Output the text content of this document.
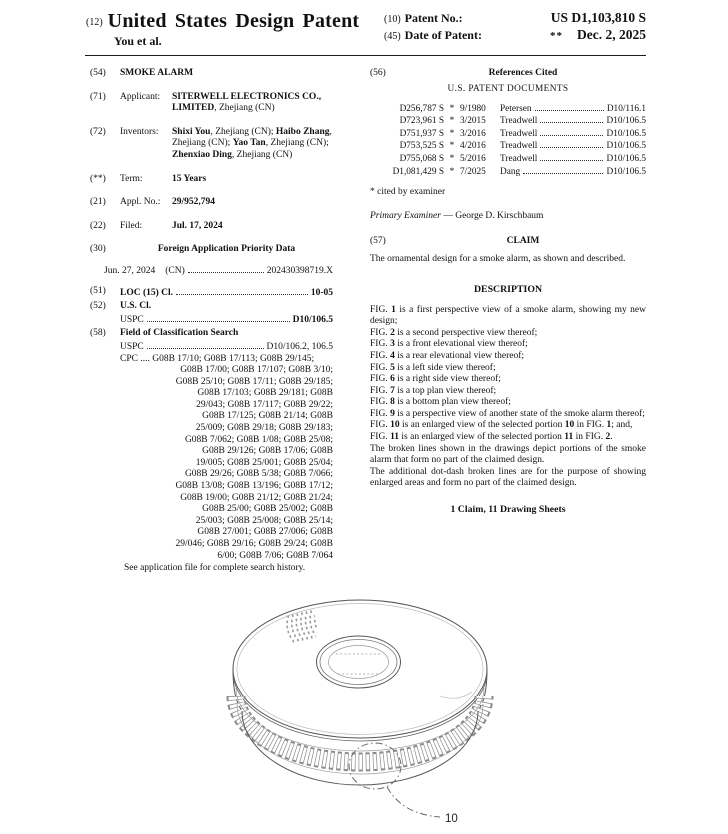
(12) United States Design Patent
You et al.
(10) Patent No.:	US D1,103,810 S
(45) Date of Patent:	** Dec. 2, 2025
(54)	SMOKE ALARM
(71)	Applicant:	SITERWELL ELECTRONICS CO., LIMITED, Zhejiang (CN)
(72)	Inventors:	Shixi You, Zhejiang (CN); Haibo Zhang, Zhejiang (CN); Yao Tan, Zhejiang (CN); Zhenxiao Ding, Zhejiang (CN)
(**)	Term:	15 Years
(21)	Appl. No.:	29/952,794
(22)	Filed:	Jul. 17, 2024
(30)	Foreign Application Priority Data
Jun. 27, 2024 (CN)	202430398719.X
(51)	LOC (15) Cl.	10-05
(52)	U.S. Cl.
USPC	D10/106.5
(58)	Field of Classification Search
USPC	D10/106.2, 106.5
CPC .... G08B 17/10; G08B 17/113; G08B 29/145;
G08B 17/00; G08B 17/107; G08B 3/10;
G08B 25/10; G08B 17/11; G08B 29/185;
G08B 17/103; G08B 29/181; G08B
29/043; G08B 17/117; G08B 29/22;
G08B 17/125; G08B 21/14; G08B
25/009; G08B 29/18; G08B 29/183;
G08B 7/062; G08B 1/08; G08B 25/08;
G08B 29/126; G08B 17/06; G08B
19/005; G08B 25/001; G08B 25/04;
G08B 29/26; G08B 5/38; G08B 7/066;
G08B 13/08; G08B 13/196; G08B 17/12;
G08B 19/00; G08B 21/12; G08B 21/24;
G08B 25/00; G08B 25/002; G08B
25/003; G08B 25/008; G08B 25/14;
G08B 27/001; G08B 27/006; G08B
29/046; G08B 29/16; G08B 29/24; G08B
6/00; G08B 7/06; G08B 7/064
See application file for complete search history.
(56)	References Cited
U.S. PATENT DOCUMENTS
D256,787 S * 9/1980	Petersen	D10/116.1
D723,961 S * 3/2015	Treadwell	D10/106.5
D751,937 S * 3/2016	Treadwell	D10/106.5
D753,525 S * 4/2016	Treadwell	D10/106.5
D755,068 S * 5/2016	Treadwell	D10/106.5
D1,081,429 S * 7/2025	Dang	D10/106.5
* cited by examiner
Primary Examiner — George D. Kirschbaum
(57)	CLAIM
The ornamental design for a smoke alarm, as shown and described.
DESCRIPTION
FIG. 1 is a first perspective view of a smoke alarm, showing my new design;
FIG. 2 is a second perspective view thereof;
FIG. 3 is a front elevational view thereof;
FIG. 4 is a rear elevational view thereof;
FIG. 5 is a left side view thereof;
FIG. 6 is a right side view thereof;
FIG. 7 is a top plan view thereof;
FIG. 8 is a bottom plan view thereof;
FIG. 9 is a perspective view of another state of the smoke alarm thereof;
FIG. 10 is an enlarged view of the selected portion 10 in FIG. 1; and,
FIG. 11 is an enlarged view of the selected portion 11 in FIG. 2.
The broken lines shown in the drawings depict portions of the smoke alarm that form no part of the claimed design.
The additional dot-dash broken lines are for the purpose of showing enlarged areas and form no part of the claimed design.
1 Claim, 11 Drawing Sheets
10
